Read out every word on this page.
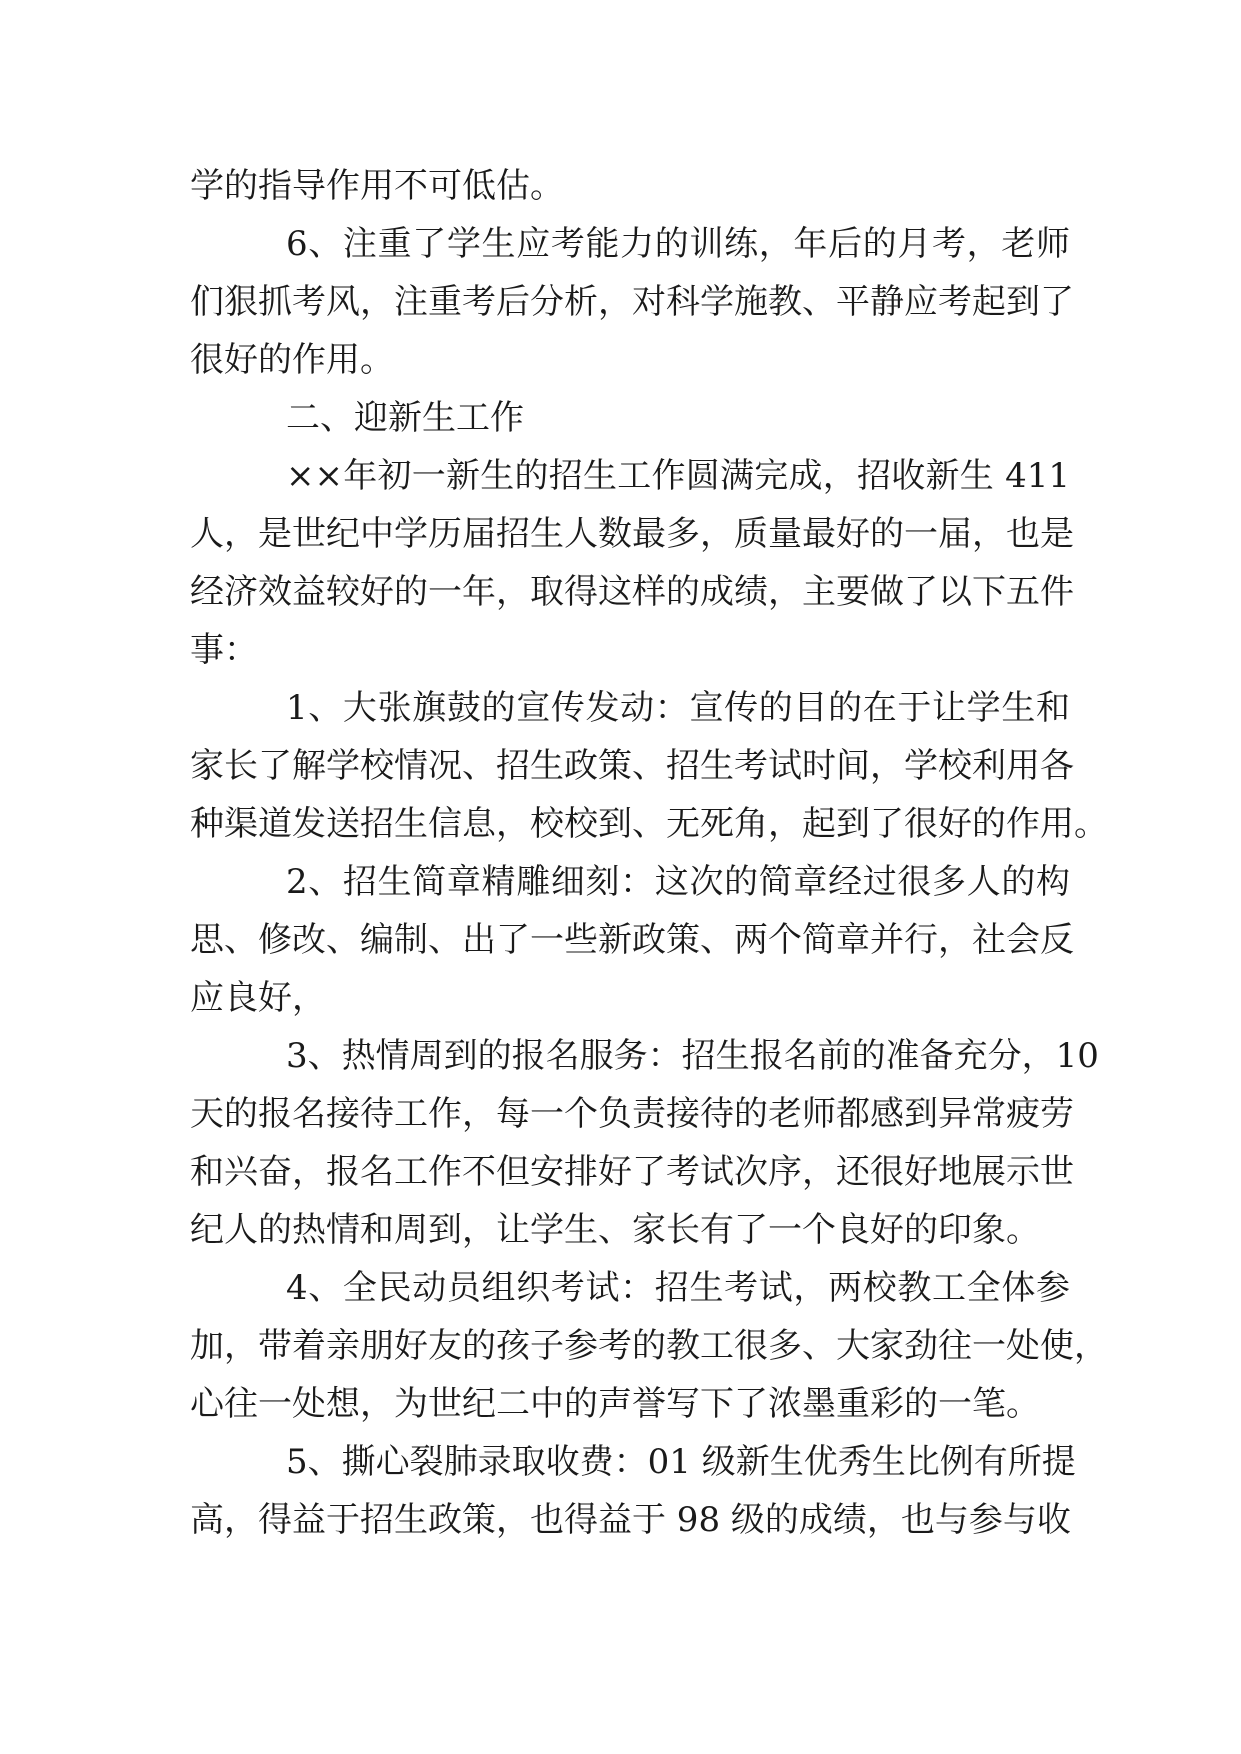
学的指导作用不可低估。
6、注重了学生应考能力的训练，年后的月考，老师
们狠抓考风，注重考后分析，对科学施教、平静应考起到了
很好的作用。
二、迎新生工作
××年初一新生的招生工作圆满完成，招收新生 411
人，是世纪中学历届招生人数最多，质量最好的一届，也是
经济效益较好的一年，取得这样的成绩，主要做了以下五件
事：
1、大张旗鼓的宣传发动：宣传的目的在于让学生和
家长了解学校情况、招生政策、招生考试时间，学校利用各
种渠道发送招生信息，校校到、无死角，起到了很好的作用。
2、招生简章精雕细刻：这次的简章经过很多人的构
思、修改、编制、出了一些新政策、两个简章并行，社会反
应良好，
3、热情周到的报名服务：招生报名前的准备充分，10
天的报名接待工作，每一个负责接待的老师都感到异常疲劳
和兴奋，报名工作不但安排好了考试次序，还很好地展示世
纪人的热情和周到，让学生、家长有了一个良好的印象。
4、全民动员组织考试：招生考试，两校教工全体参
加，带着亲朋好友的孩子参考的教工很多、大家劲往一处使，
心往一处想，为世纪二中的声誉写下了浓墨重彩的一笔。
5、撕心裂肺录取收费：01 级新生优秀生比例有所提
高，得益于招生政策，也得益于 98 级的成绩，也与参与收
